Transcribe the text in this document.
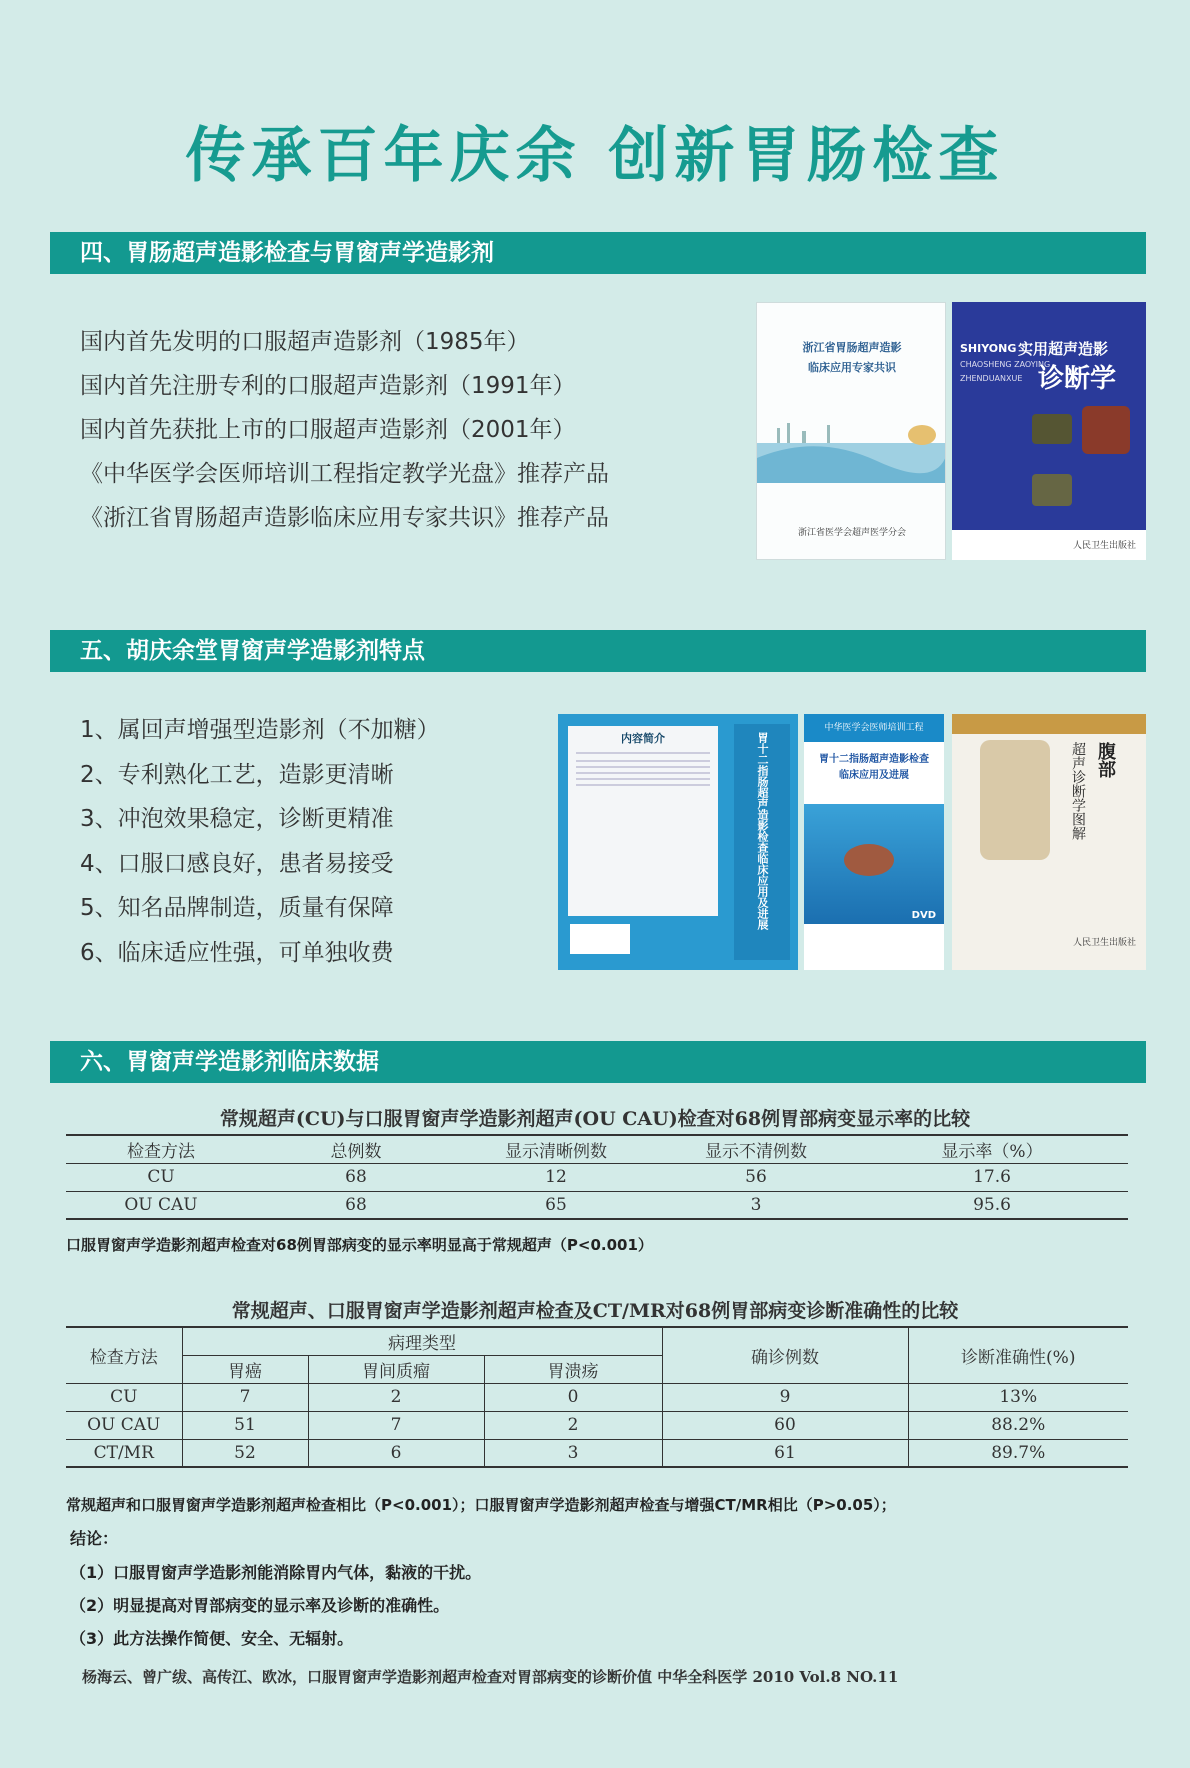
传承百年庆余 创新胃肠检查
四、胃肠超声造影检查与胃窗声学造影剂
国内首先发明的口服超声造影剂（1985年）
国内首先注册专利的口服超声造影剂（1991年）
国内首先获批上市的口服超声造影剂（2001年）
《中华医学会医师培训工程指定教学光盘》推荐产品
《浙江省胃肠超声造影临床应用专家共识》推荐产品
浙江省胃肠超声造影
临床应用专家共识
浙江省医学会超声医学分会
SHIYONG 实用超声造影
CHAOSHENG ZAOYING
ZHENDUANXUE 诊断学
人民卫生出版社
五、胡庆余堂胃窗声学造影剂特点
1、属回声增强型造影剂（不加糖）
2、专利熟化工艺，造影更清晰
3、冲泡效果稳定，诊断更精准
4、口服口感良好，患者易接受
5、知名品牌制造，质量有保障
6、临床适应性强，可单独收费
内容简介	胃十二指肠超声造影检查临床应用及进展
中华医学会医师培训工程
胃十二指肠超声造影检查
临床应用及进展
DVD
腹部
超声诊断学图解
人民卫生出版社
六、胃窗声学造影剂临床数据
常规超声(CU)与口服胃窗声学造影剂超声(OU CAU)检查对68例胃部病变显示率的比较
检查方法	总例数	显示清晰例数	显示不清例数	显示率（%）
CU	68	12	56	17.6
OU CAU	68	65	3	95.6
口服胃窗声学造影剂超声检查对68例胃部病变的显示率明显高于常规超声（P<0.001）
常规超声、口服胃窗声学造影剂超声检查及CT/MR对68例胃部病变诊断准确性的比较
检查方法	病理类型			确诊例数	诊断准确性(%)
	胃癌	胃间质瘤	胃溃疡		
CU	7	2	0	9	13%
OU CAU	51	7	2	60	88.2%
CT/MR	52	6	3	61	89.7%
常规超声和口服胃窗声学造影剂超声检查相比（P<0.001）；口服胃窗声学造影剂超声检查与增强CT/MR相比（P>0.05）；
结论：
（1）口服胃窗声学造影剂能消除胃内气体，黏液的干扰。
（2）明显提高对胃部病变的显示率及诊断的准确性。
（3）此方法操作简便、安全、无辐射。
杨海云、曾广绂、高传江、欧冰，口服胃窗声学造影剂超声检查对胃部病变的诊断价值 中华全科医学 2010 Vol.8 NO.11
